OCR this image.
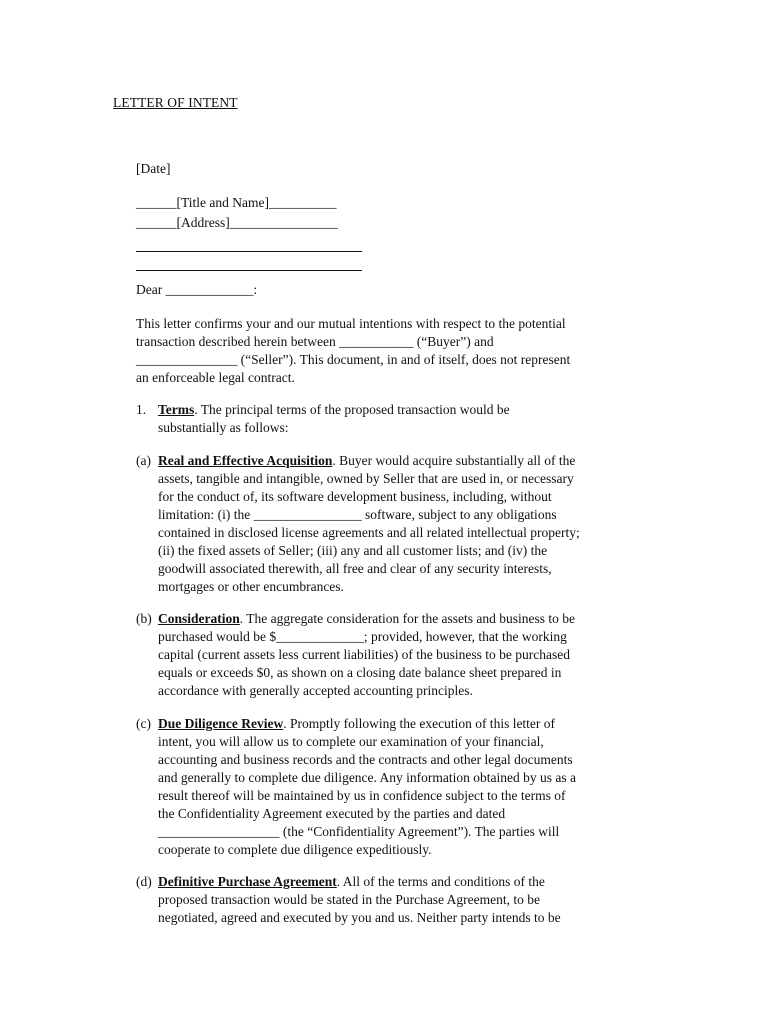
LETTER OF INTENT
[Date]
______[Title and Name]__________
______[Address]________________
Dear _____________:
This letter confirms your and our mutual intentions with respect to the potential
transaction described herein between ___________ (“Buyer”) and
_______________ (“Seller”). This document, in and of itself, does not represent
an enforceable legal contract.
1. Terms. The principal terms of the proposed transaction would be
substantially as follows:
(a) Real and Effective Acquisition. Buyer would acquire substantially all of the
assets, tangible and intangible, owned by Seller that are used in, or necessary
for the conduct of, its software development business, including, without
limitation: (i) the ________________ software, subject to any obligations
contained in disclosed license agreements and all related intellectual property;
(ii) the fixed assets of Seller; (iii) any and all customer lists; and (iv) the
goodwill associated therewith, all free and clear of any security interests,
mortgages or other encumbrances.
(b) Consideration. The aggregate consideration for the assets and business to be
purchased would be $_____________; provided, however, that the working
capital (current assets less current liabilities) of the business to be purchased
equals or exceeds $0, as shown on a closing date balance sheet prepared in
accordance with generally accepted accounting principles.
(c) Due Diligence Review. Promptly following the execution of this letter of
intent, you will allow us to complete our examination of your financial,
accounting and business records and the contracts and other legal documents
and generally to complete due diligence. Any information obtained by us as a
result thereof will be maintained by us in confidence subject to the terms of
the Confidentiality Agreement executed by the parties and dated
__________________ (the “Confidentiality Agreement”). The parties will
cooperate to complete due diligence expeditiously.
(d) Definitive Purchase Agreement. All of the terms and conditions of the
proposed transaction would be stated in the Purchase Agreement, to be
negotiated, agreed and executed by you and us. Neither party intends to be
